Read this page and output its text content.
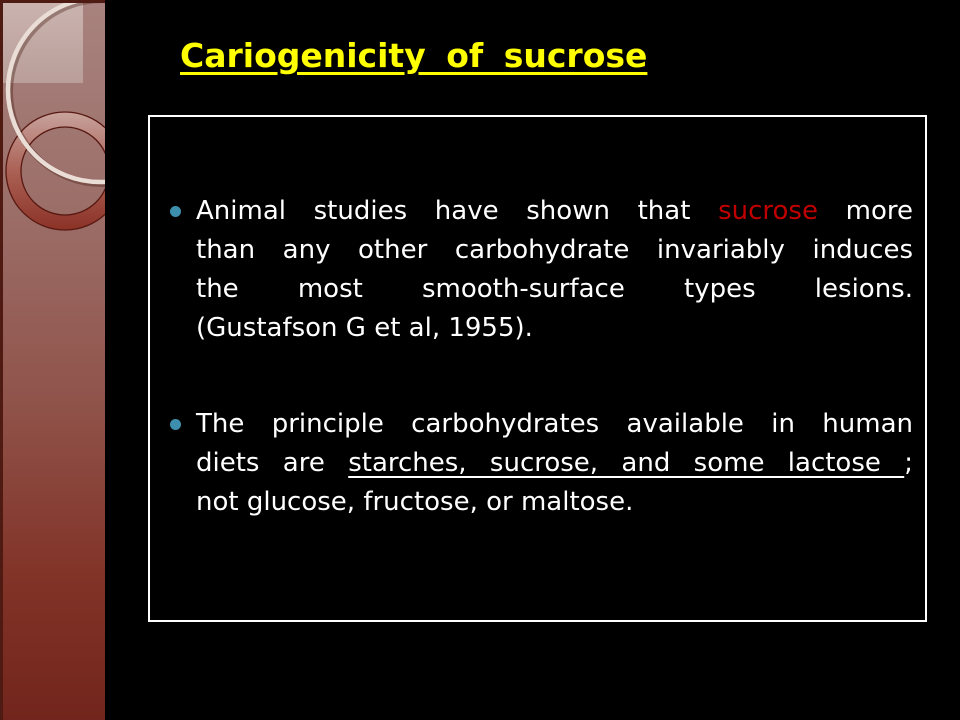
Cariogenicity of sucrose
Animal studies have shown that sucrose more
than any other carbohydrate invariably induces
the most smooth-surface types lesions.
(Gustafson G et al, 1955).
The principle carbohydrates available in human
diets are starches, sucrose, and some lactose ;
not glucose, fructose, or maltose.
